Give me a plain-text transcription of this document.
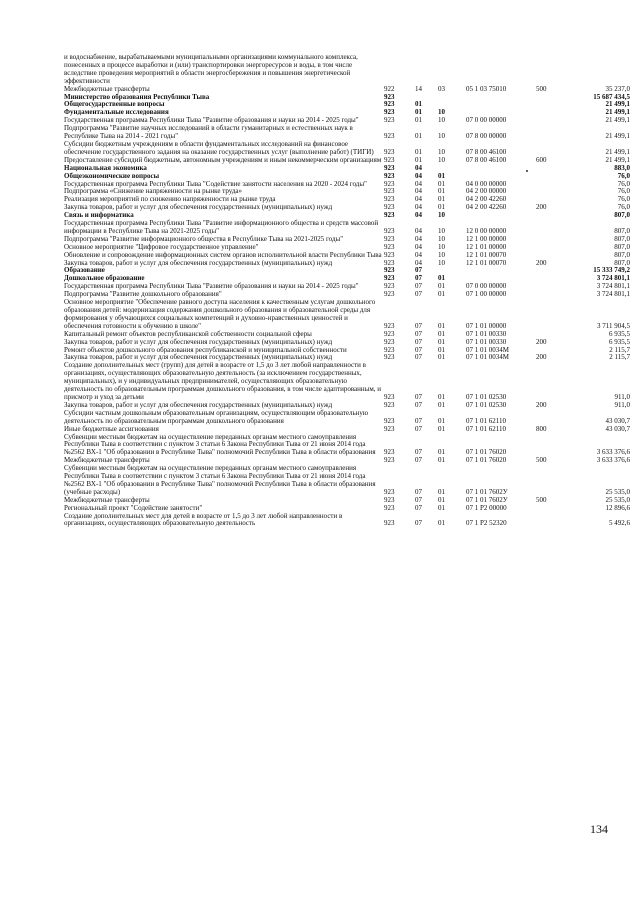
и водоснабжение, вырабатываемыми муниципальными организациями коммунального комплекса, понесенных в процессе выработки и (или) транспортировки энергоресурсов и воды, в том числе вследствие проведения мероприятий в области энергосбережения и повышения энергетической эффективности
Межбюджетные трансферты	922	14 03	05 1 03 75010	500	35 237,0
Министерство образования Республики Тыва	923	15 687 434,5
Общегосударственные вопросы	923	01	21 499,1
Фундаментальные исследования	923	01 10	21 499,1
Государственная программа Республики Тыва "Развитие образования и науки на 2014 - 2025 годы"	923	01 10	07 0 00 00000	21 499,1
Подпрограмма "Развитие научных исследований в области гуманитарных и естественных наук в Республике Тыва на 2014 - 2021 годы"	923	01 10	07 8 00 00000	21 499,1
Субсидии бюджетным учреждениям в области фундаментальных исследований на финансовое обеспечение государственного задания на оказание государственных услуг (выполнение работ) (ТИГИ)	923	01 10	07 8 00 46100	21 499,1
Предоставление субсидий бюджетным, автономным учреждениям и иным некоммерческим организациям 923	01 10	07 8 00 46100	600	21 499,1
Национальная экономика	923	04	883,0
Общеэкономические вопросы	923	04 01	76,0
Государственная программа Республики Тыва "Содействие занятости населения на 2020 - 2024 годы"	923	04 01	04 0 00 00000	76,0
Подпрограмма «Снижение напряженности на рынке труда»	923	04 01	04 2 00 00000	76,0
Реализация мероприятий по снижению напряженности на рынке труда	923	04 01	04 2 00 42260	76,0
Закупка товаров, работ и услуг для обеспечения государственных (муниципальных) нужд	923	04 01	04 2 00 42260	200	76,0
Связь и информатика	923	04 10	807,0
Государственная программа Республики Тыва "Развитие информационного общества и средств массовой информации в Республике Тыва на 2021-2025 годы"	923	04 10	12 0 00 00000	807,0
Подпрограмма "Развитие информационного общества в Республике Тыва на 2021-2025 годы"	923	04 10	12 1 00 00000	807,0
Основное мероприятие "Цифровое государственное управление"	923	04 10	12 1 01 00000	807,0
Обновление и сопровождение информационных систем органов исполнительной власти Республики Тыва 923	04 10	12 1 01 00070	807,0
Закупка товаров, работ и услуг для обеспечения государственных (муниципальных) нужд	923	04 10	12 1 01 00070	200	807,0
Образование	923	07	15 333 749,2
Дошкольное образование	923	07 01	3 724 801,1
Государственная программа Республики Тыва "Развитие образования и науки на 2014 - 2025 годы"	923	07 01	07 0 00 00000	3 724 801,1
Подпрограмма "Развитие дошкольного образования"	923	07 01	07 1 00 00000	3 724 801,1
Основное мероприятие "Обеспечение равного доступа населения к качественным услугам дошкольного образования детей: модернизация содержания дошкольного образования и образовательной среды для формирования у обучающихся социальных компетенций и духовно-нравственных ценностей и обеспечения готовности к обучению в школе"	923	07 01	07 1 01 00000	3 711 904,5
Капитальный ремонт объектов республиканской собственности социальной сферы	923	07 01	07 1 01 00330	6 935,5
Закупка товаров, работ и услуг для обеспечения государственных (муниципальных) нужд	923	07 01	07 1 01 00330	200	6 935,5
Ремонт объектов дошкольного образования республиканской и муниципальной собственности	923	07 01	07 1 01 0034М	2 115,7
Закупка товаров, работ и услуг для обеспечения государственных (муниципальных) нужд	923	07 01	07 1 01 0034М	200	2 115,7
Создание дополнительных мест (групп) для детей в возрасте от 1,5 до 3 лет любой направленности в организациях, осуществляющих образовательную деятельность (за исключением государственных, муниципальных), и у индивидуальных предпринимателей, осуществляющих образовательную деятельность по образовательным программам дошкольного образования, в том числе адаптированным, и присмотр и уход за детьми	923	07 01	07 1 01 02530	911,0
Закупка товаров, работ и услуг для обеспечения государственных (муниципальных) нужд	923	07 01	07 1 01 02530	200	911,0
Субсидии частным дошкольным образовательным организациям, осуществляющим образовательную деятельность по образовательным программам дошкольного образования	923	07 01	07 1 01 62110	43 030,7
Иные бюджетные ассигнования	923	07 01	07 1 01 62110	800	43 030,7
Субвенции местным бюджетам на осуществление переданных органам местного самоуправления Республики Тыва в соответствии с пунктом 3 статьи 6 Закона Республики Тыва от 21 июня 2014 года №2562 ВХ-1 "Об образовании в Республике Тыва" полномочий Республики Тыва в области образования	923	07 01	07 1 01 76020	3 633 376,6
Межбюджетные трансферты	923	07 01	07 1 01 76020	500	3 633 376,6
Субвенции местным бюджетам на осуществление переданных органам местного самоуправления Республики Тыва в соответствии с пунктом 3 статьи 6 Закона Республики Тыва от 21 июня 2014 года №2562 ВХ-1 "Об образовании в Республике Тыва" полномочий Республики Тыва в области образования (учебные расходы)	923	07 01	07 1 01 7602У	25 535,0
Межбюджетные трансферты	923	07 01	07 1 01 7602У	500	25 535,0
Региональный проект "Содействие занятости"	923	07 01	07 1 Р2 00000	12 896,6
Создание дополнительных мест для детей в возрасте от 1,5 до 3 лет любой направленности в организациях, осуществляющих образовательную деятельность	923	07 01	07 1 Р2 52320	5 492,6
134
